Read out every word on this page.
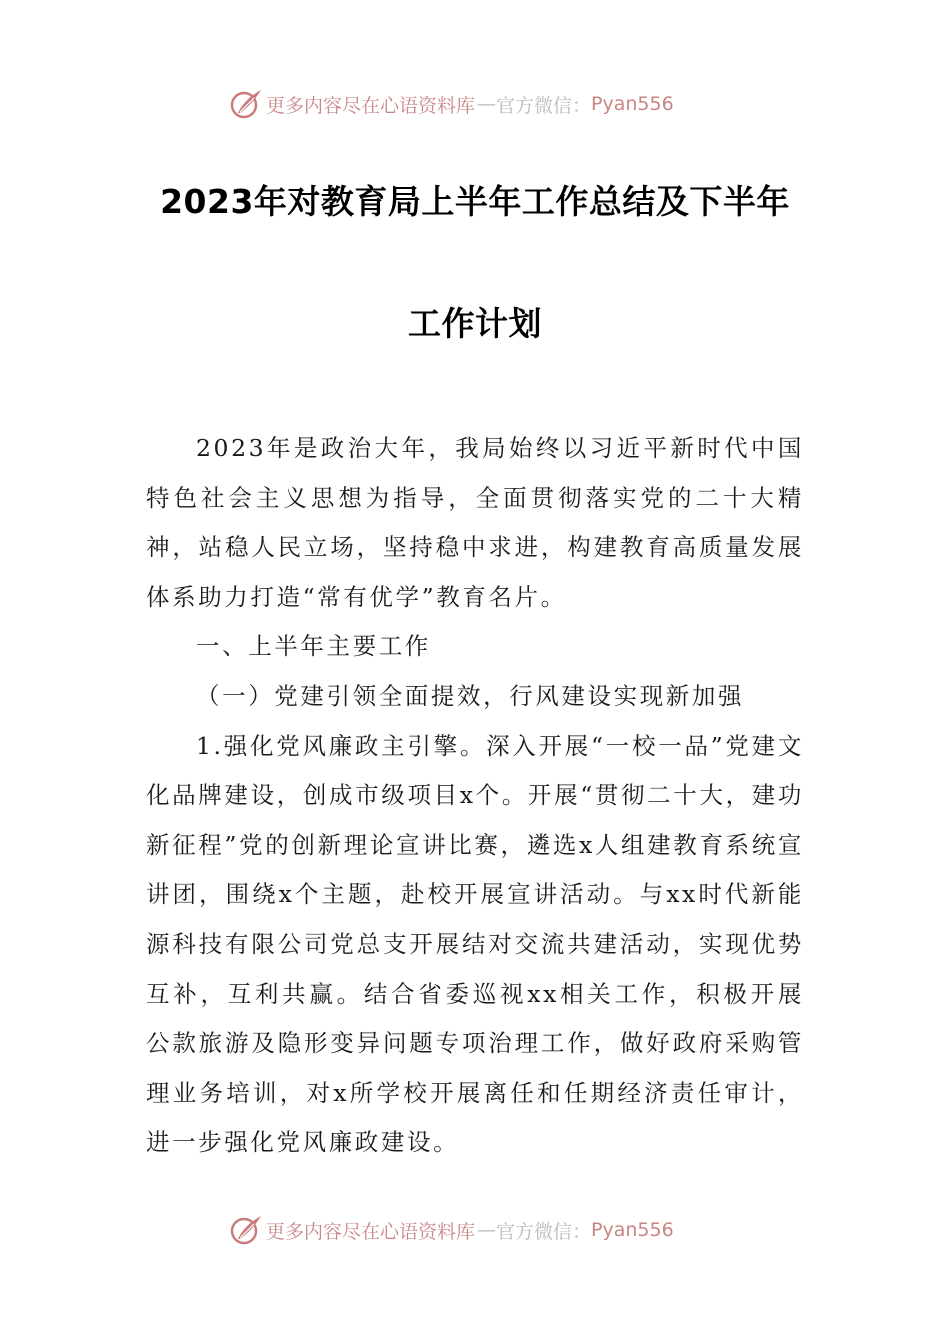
更多内容尽在心语资料库 — 官方微信： Pyan556
2023年对教育局上半年工作总结及下半年
工作计划

2023年是政治大年，我局始终以习近平新时代中国特色社会主义思想为指导，全面贯彻落实党的二十大精神，站稳人民立场，坚持稳中求进，构建教育高质量发展体系助力打造“常有优学”教育名片。

一、上半年主要工作

（一）党建引领全面提效，行风建设实现新加强

1.强化党风廉政主引擎。深入开展“一校一品”党建文化品牌建设，创成市级项目x个。开展“贯彻二十大，建功新征程”党的创新理论宣讲比赛，遴选x人组建教育系统宣讲团，围绕x个主题，赴校开展宣讲活动。与xx时代新能源科技有限公司党总支开展结对交流共建活动，实现优势互补，互利共赢。结合省委巡视xx相关工作，积极开展公款旅游及隐形变异问题专项治理工作，做好政府采购管理业务培训，对x所学校开展离任和任期经济责任审计，进一步强化党风廉政建设。

更多内容尽在心语资料库 — 官方微信： Pyan556
